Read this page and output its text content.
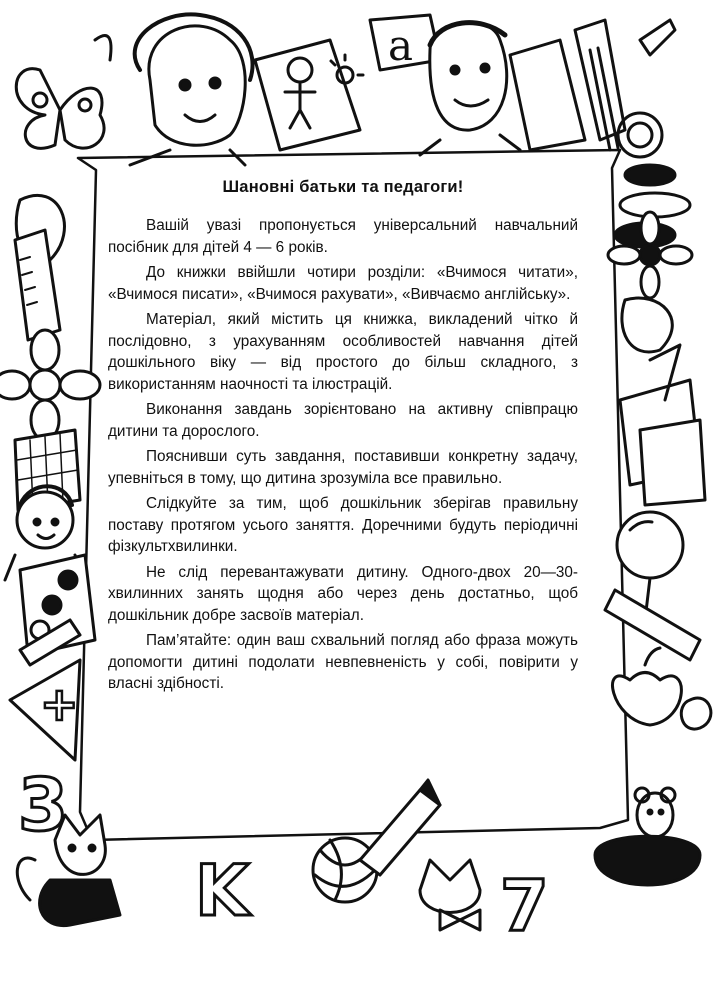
a
K
3
7
+
Шановні батьки та педагоги!

Вашій увазі пропонується універсальний навчальний посібник для дітей 4 — 6 років.

До книжки ввійшли чотири розділи: «Вчимося читати», «Вчимося писати», «Вчимося рахувати», «Вивчаємо англійську».

Матеріал, який містить ця книжка, викладений чітко й послідовно, з урахуванням особливостей навчання дітей дошкільного віку — від простого до більш складного, з використанням наочності та ілюстрацій.

Виконання завдань зорієнтовано на активну співпрацю дитини та дорослого.

Пояснивши суть завдання, поставивши конкретну задачу, упевніться в тому, що дитина зрозуміла все правильно.

Слідкуйте за тим, щоб дошкільник зберігав правильну поставу протягом усього заняття. Доречними будуть періодичні фізкультхвилинки.

Не слід перевантажувати дитину. Одного-двох 20—30-хвилинних занять щодня або через день достатньо, щоб дошкільник добре засвоїв матеріал.

Пам’ятайте: один ваш схвальний погляд або фраза можуть допомогти дитині подолати невпевненість у собі, повірити у власні здібності.
